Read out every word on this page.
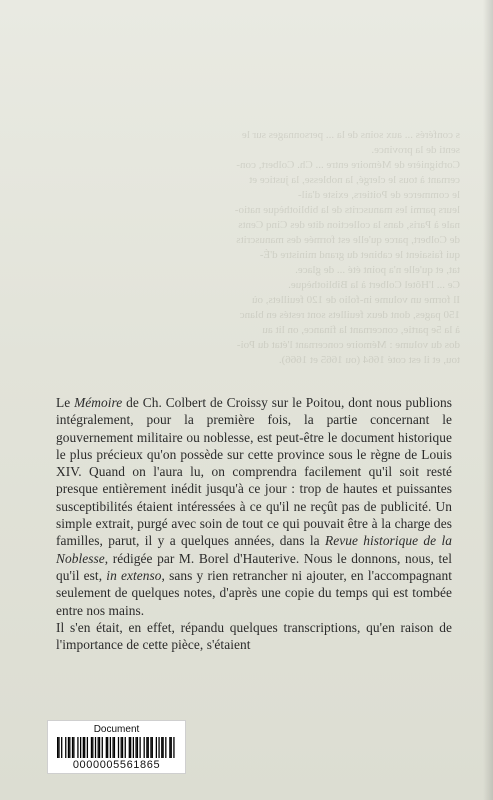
s conférés ... aux soins de la ... personnages sur le
senti de la province.
Corbignière de Mémoire entre ... Ch. Colbert, con-
cernant à tous le clergé, la noblesse, la justice et
le commerce de Poitiers, existe d'ail-
leurs parmi les manuscrits de la bibliothèque natio-
nale à Paris, dans la collection dite des Cinq Cents
de Colbert, parce qu'elle est formée des manuscrits
qui faisaient le cabinet du grand ministre d'É-
tat, et qu'elle n'a point été ... de glace.
Ce ... l'Hôtel Colbert à la Bibliothèque.
Il forme un volume in-folio de 120 feuillets, où
150 pages, dont deux feuillets sont restés en blanc
à la 5e partie, concernant la finance, on lit au
dos du volume : Mémoire concernant l'état du Poi-
tou, et il est coté 1664 (ou 1665 et 1666).

Le Mémoire de Ch. Colbert de Croissy sur le Poitou, dont nous publions intégralement, pour la première fois, la partie concernant le gouvernement militaire ou noblesse, est peut-être le document historique le plus précieux qu'on possède sur cette province sous le règne de Louis XIV. Quand on l'aura lu, on comprendra facilement qu'il soit resté presque entièrement inédit jusqu'à ce jour : trop de hautes et puissantes susceptibilités étaient intéressées à ce qu'il ne reçût pas de publicité. Un simple extrait, purgé avec soin de tout ce qui pouvait être à la charge des familles, parut, il y a quelques années, dans la Revue historique de la Noblesse, rédigée par M. Borel d'Hauterive. Nous le donnons, nous, tel qu'il est, in extenso, sans y rien retrancher ni ajouter, en l'accompagnant seulement de quelques notes, d'après une copie du temps qui est tombée entre nos mains.

Il s'en était, en effet, répandu quelques transcriptions, qu'en raison de l'importance de cette pièce, s'étaient

Document
0000005561865
